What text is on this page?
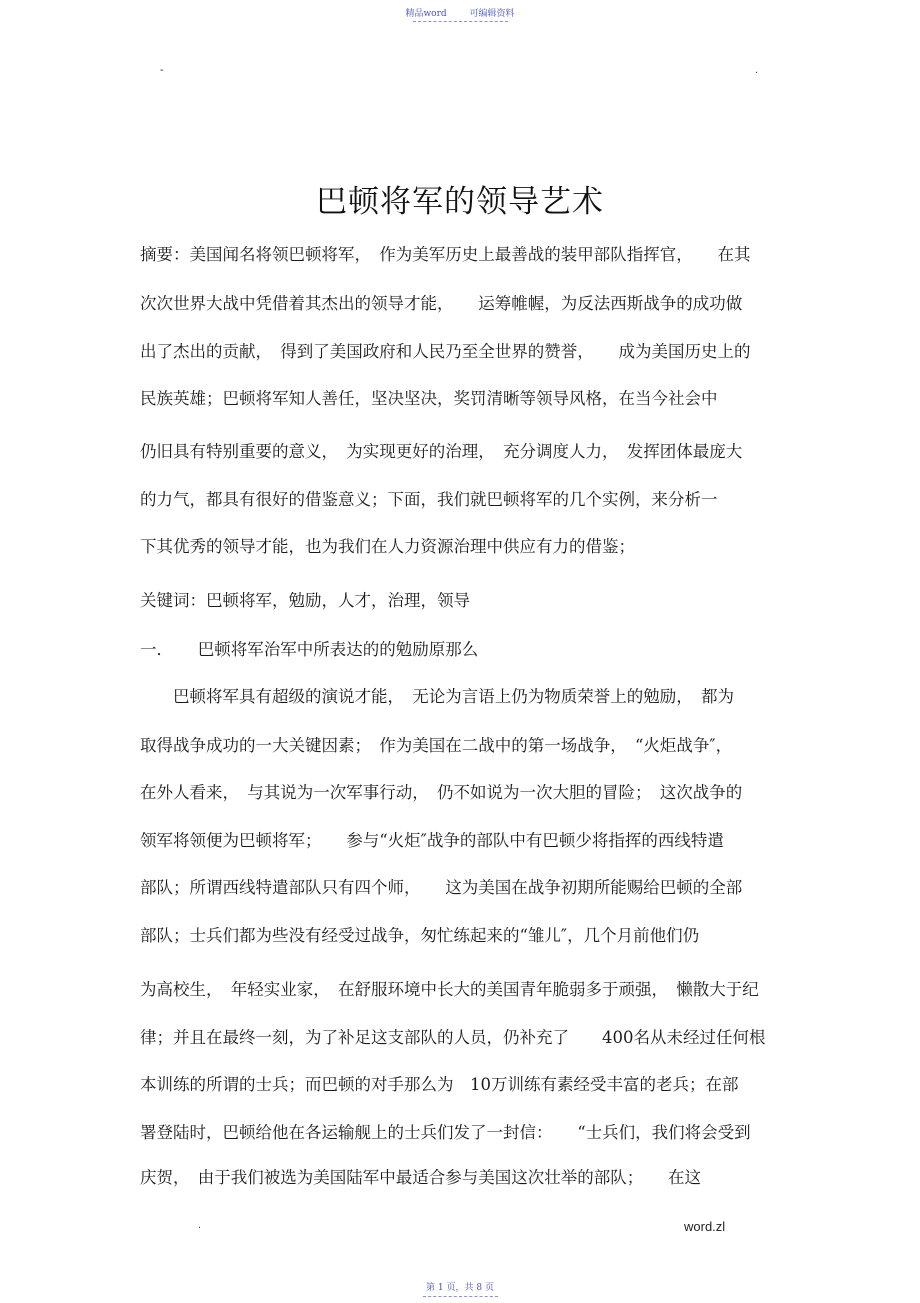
精品word	可编辑资料
-	.
巴顿将军的领导艺术
摘要：美国闻名将领巴顿将军，　作为美军历史上最善战的装甲部队指挥官，　　在其
次次世界大战中凭借着其杰出的领导才能，　　运筹帷幄，为反法西斯战争的成功做
出了杰出的贡献，　得到了美国政府和人民乃至全世界的赞誉，　　成为美国历史上的
民族英雄；巴顿将军知人善任，坚决坚决，奖罚清晰等领导风格，在当今社会中
仍旧具有特别重要的意义，　为实现更好的治理，　充分调度人力，　发挥团体最庞大
的力气，都具有很好的借鉴意义；下面，我们就巴顿将军的几个实例，来分析一
下其优秀的领导才能，也为我们在人力资源治理中供应有力的借鉴；
关键词：巴顿将军，勉励，人才，治理，领导
一．　　巴顿将军治军中所表达的的勉励原那么
　　巴顿将军具有超级的演说才能，　无论为言语上仍为物质荣誉上的勉励，　都为
取得战争成功的一大关键因素；　作为美国在二战中的第一场战争，　“火炬战争″，
在外人看来，　与其说为一次军事行动，　仍不如说为一次大胆的冒险；　这次战争的
领军将领便为巴顿将军；　　参与“火炬″战争的部队中有巴顿少将指挥的西线特遣
部队；所谓西线特遣部队只有四个师，　　这为美国在战争初期所能赐给巴顿的全部
部队；士兵们都为些没有经受过战争，匆忙练起来的“雏儿″，几个月前他们仍
为高校生，　年轻实业家，　在舒服环境中长大的美国青年脆弱多于顽强，　懒散大于纪
律；并且在最终一刻，为了补足这支部队的人员，仍补充了　　400名从未经过任何根
本训练的所谓的士兵；而巴顿的对手那么为　10万训练有素经受丰富的老兵；在部
署登陆时，巴顿给他在各运输舰上的士兵们发了一封信：　　“士兵们，我们将会受到
庆贺，　由于我们被选为美国陆军中最适合参与美国这次壮举的部队；　　在这
.	word.zl
第 1 页，共 8 页
